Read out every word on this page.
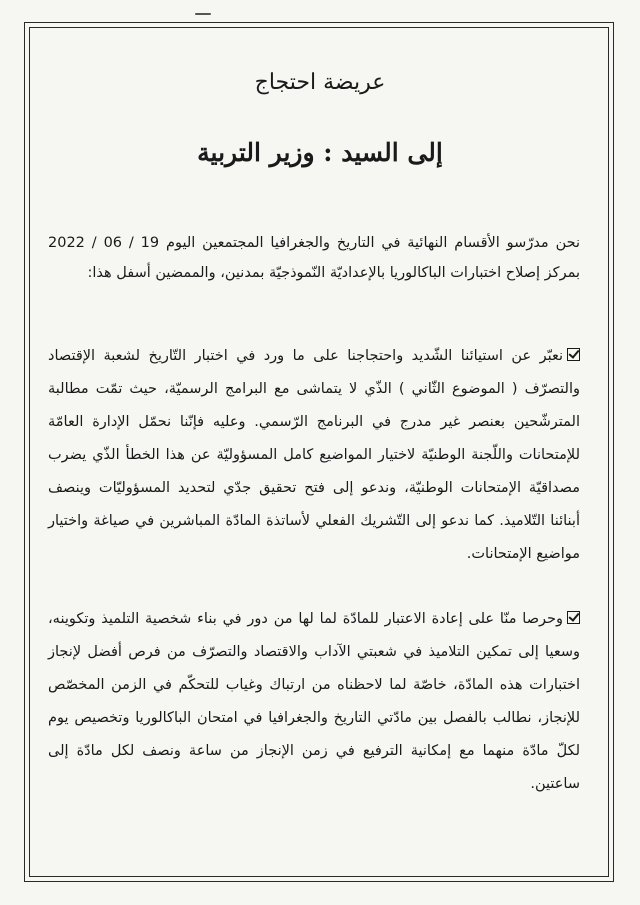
عريضة احتجاج
إلى السيد : وزير التربية
نحن مدرّسو الأقسام النهائية في التاريخ والجغرافيا المجتمعين اليوم 19 / 06 / 2022 بمركز إصلاح اختبارات الباكالوريا بالإعداديّة النّموذجيّة بمدنين، والممضين أسفل هذا:
نعبّر عن استيائنا الشّديد واحتجاجنا على ما ورد في اختبار التّاريخ لشعبة الإقتصاد والتصرّف ( الموضوع الثّاني ) الذّي لا يتماشى مع البرامج الرسميّة، حيث تمّت مطالبة المترشّحين بعنصر غير مدرج في البرنامج الرّسمي. وعليه فإنّنا نحمّل الإدارة العامّة للإمتحانات واللّجنة الوطنيّة لاختيار المواضيع كامل المسؤوليّة عن هذا الخطأ الذّي يضرب مصداقيّة الإمتحانات الوطنيّة، وندعو إلى فتح تحقيق جدّي لتحديد المسؤوليّات وينصف أبنائنا التّلاميذ. كما ندعو إلى التّشريك الفعلي لأساتذة المادّة المباشرين في صياغة واختيار مواضيع الإمتحانات.
وحرصا منّا على إعادة الاعتبار للمادّة لما لها من دور في بناء شخصية التلميذ وتكوينه، وسعيا إلى تمكين التلاميذ في شعبتي الآداب والاقتصاد والتصرّف من فرص أفضل لإنجاز اختبارات هذه المادّة، خاصّة لما لاحظناه من ارتباك وغياب للتحكّم في الزمن المخصّص للإنجاز، نطالب بالفصل بين مادّتي التاريخ والجغرافيا في امتحان الباكالوريا وتخصيص يوم لكلّ مادّة منهما مع إمكانية الترفيع في زمن الإنجاز من ساعة ونصف لكل مادّة إلى ساعتين.
